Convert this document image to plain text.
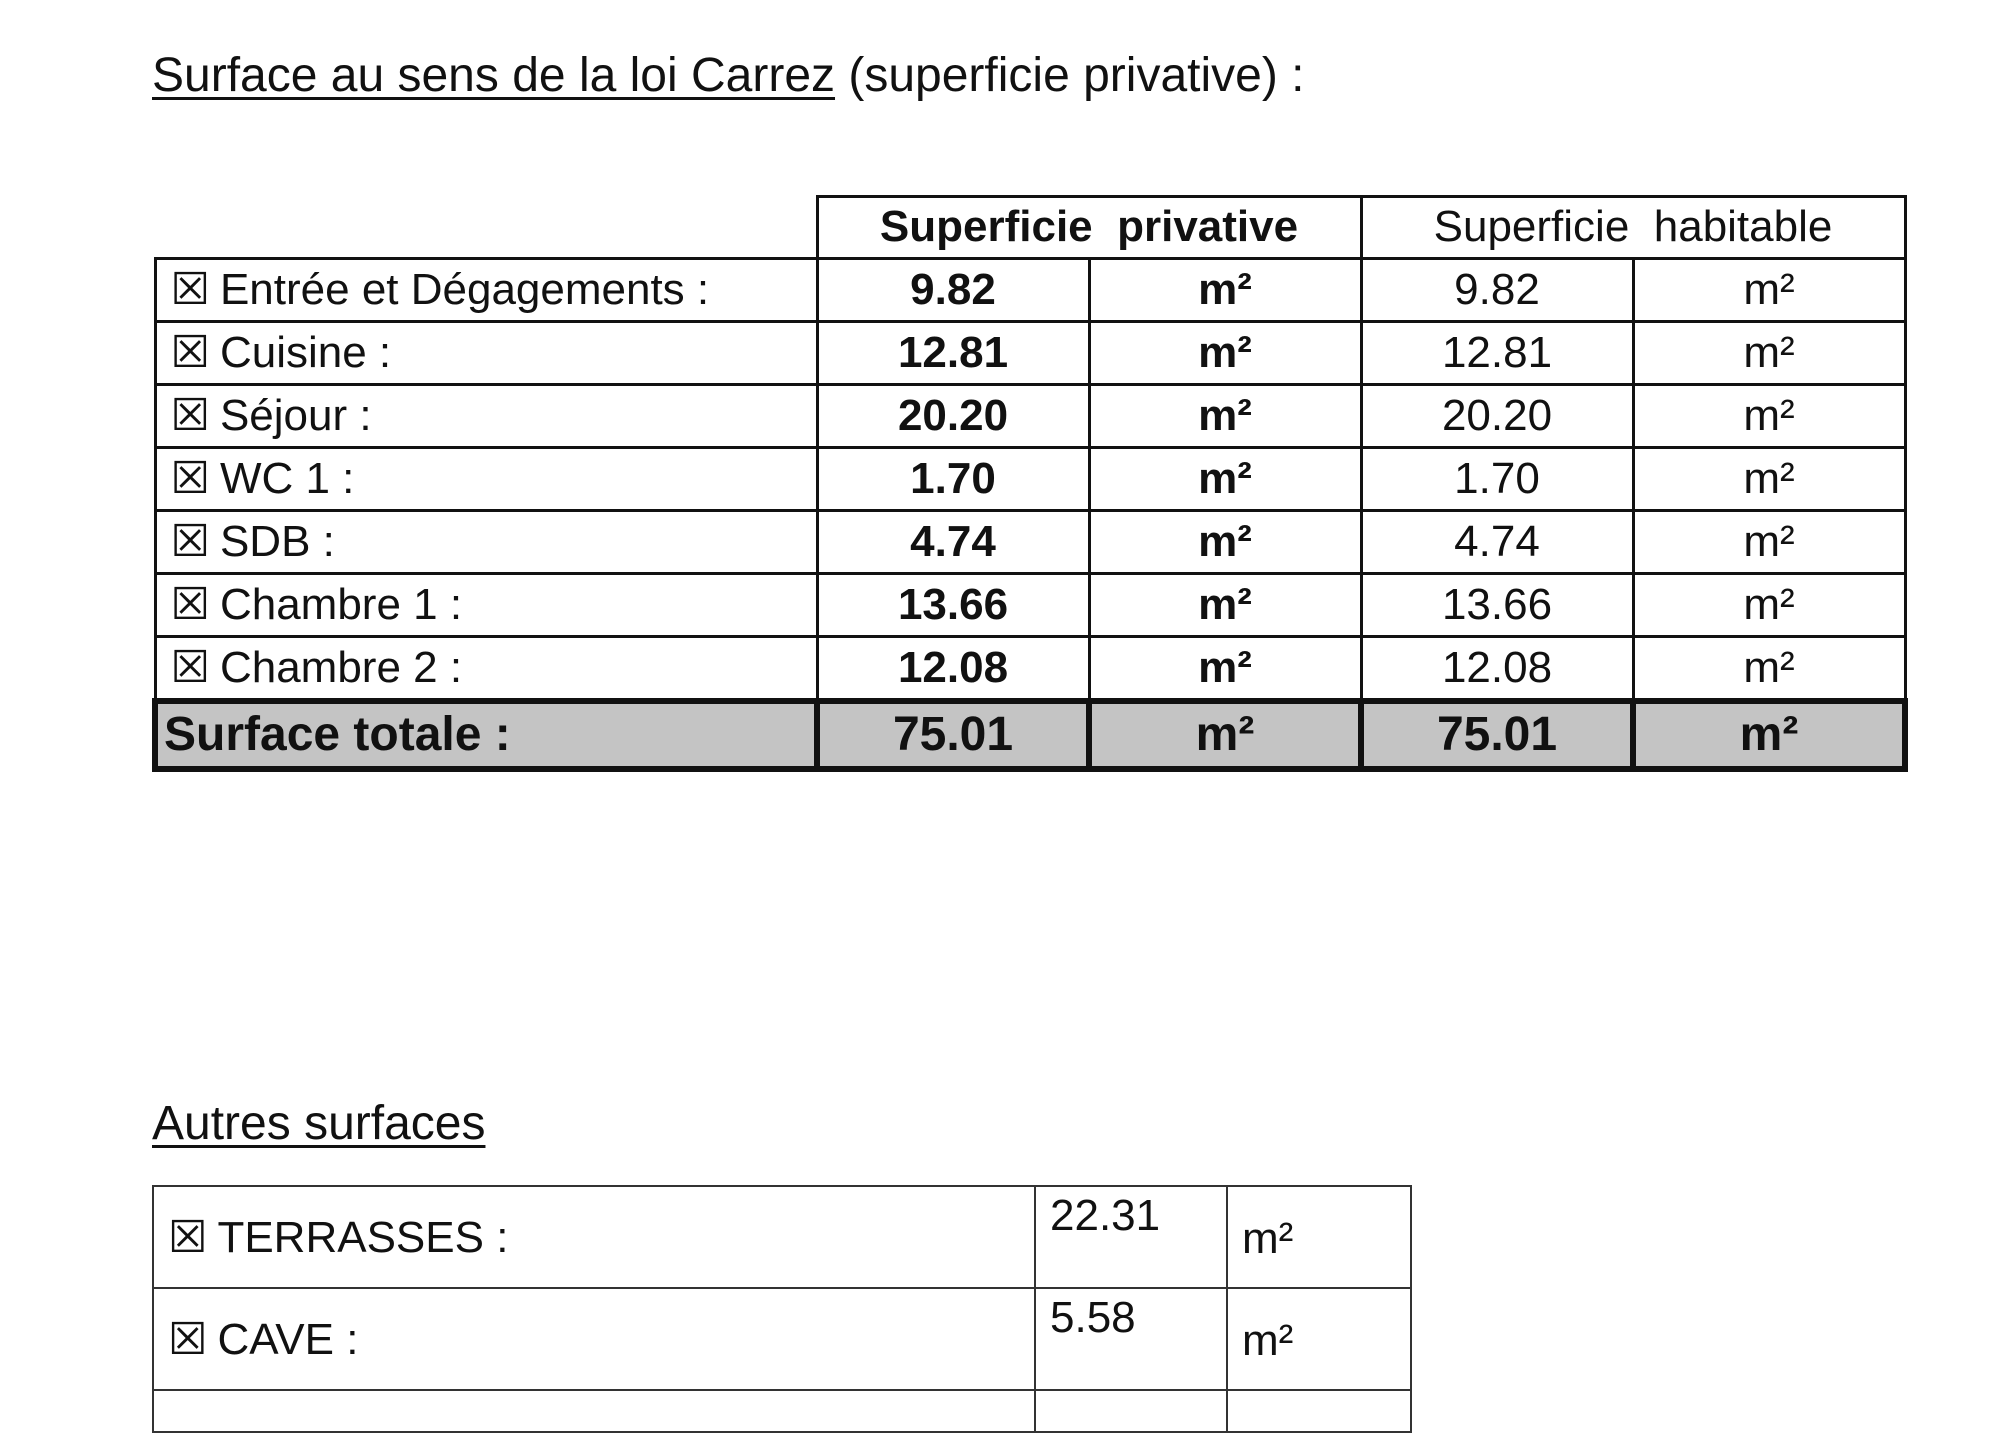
Surface au sens de la loi Carrez (superficie privative) :
	Superficie  privative		Superficie  habitable	
☒ Entrée et Dégagements :	9.82	m²	9.82	m²
☒ Cuisine :	12.81	m²	12.81	m²
☒ Séjour :	20.20	m²	20.20	m²
☒ WC 1 :	1.70	m²	1.70	m²
☒ SDB :	4.74	m²	4.74	m²
☒ Chambre 1 :	13.66	m²	13.66	m²
☒ Chambre 2 :	12.08	m²	12.08	m²
Surface totale :	75.01	m²	75.01	m²
Autres surfaces
☒ TERRASSES :	22.31	m²
☒ CAVE :	5.58	m²
